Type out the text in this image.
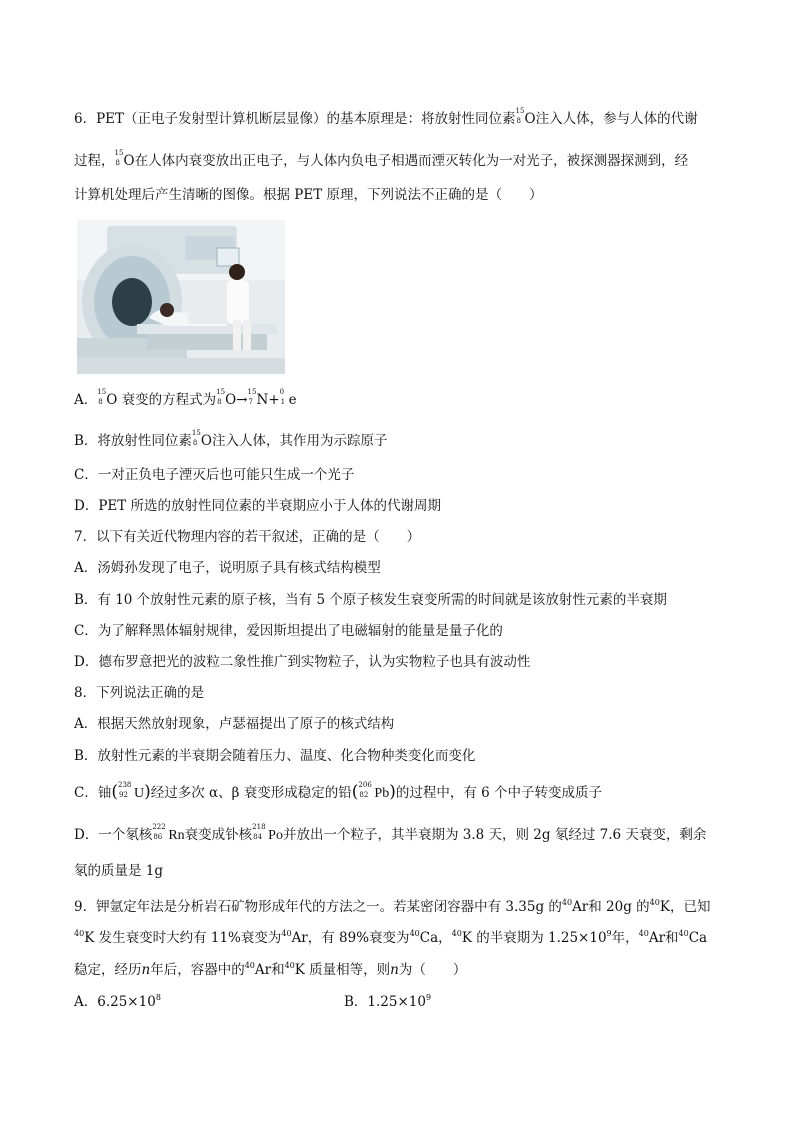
6．PET（正电子发射型计算机断层显像）的基本原理是：将放射性同位素 15
8 O注入人体，参与人体的代谢
过程， 15
8 O在人体内衰变放出正电子，与人体内负电子相遇而湮灭转化为一对光子，被探测器探测到，经
计算机处理后产生清晰的图像。根据 PET 原理，下列说法不正确的是（　　）
A． 15
8 O 衰变的方程式为 15
8 O→ 15
7 N+ 0
1 e
B．将放射性同位素 15
8 O注入人体，其作用为示踪原子
C．一对正负电子湮灭后也可能只生成一个光子
D．PET 所选的放射性同位素的半衰期应小于人体的代谢周期
7．以下有关近代物理内容的若干叙述，正确的是（　　）
A．汤姆孙发现了电子，说明原子具有核式结构模型
B．有 10 个放射性元素的原子核，当有 5 个原子核发生衰变所需的时间就是该放射性元素的半衰期
C．为了解释黑体辐射规律，爱因斯坦提出了电磁辐射的能量是量子化的
D．德布罗意把光的波粒二象性推广到实物粒子，认为实物粒子也具有波动性
8．下列说法正确的是
A．根据天然放射现象，卢瑟福提出了原子的核式结构
B．放射性元素的半衰期会随着压力、温度、化合物种类变化而变化
C．铀( 238
92 U)经过多次 α、β 衰变形成稳定的铅( 206
82 Pb)的过程中，有 6 个中子转变成质子
D．一个氡核 222
86 Rn衰变成钋核 218
84 Po并放出一个粒子，其半衰期为 3.8 天，则 2g 氡经过 7.6 天衰变，剩余
氡的质量是 1g
9．钾氩定年法是分析岩石矿物形成年代的方法之一。若某密闭容器中有 3.35g 的$^{40}$Ar和 20g 的$^{40}$K，已知
$^{40}$K 发生衰变时大约有 11%衰变为$^{40}$Ar，有 89%衰变为$^{40}$Ca，$^{40}$K 的半衰期为 $1.25\times 10^9$年，$^{40}$Ar和$^{40}$Ca
稳定，经历n年后，容器中的$^{40}$Ar和$^{40}$K 质量相等，则n为（　　）
A．$6.25\times 10^8$	B．$1.25\times 10^9$
